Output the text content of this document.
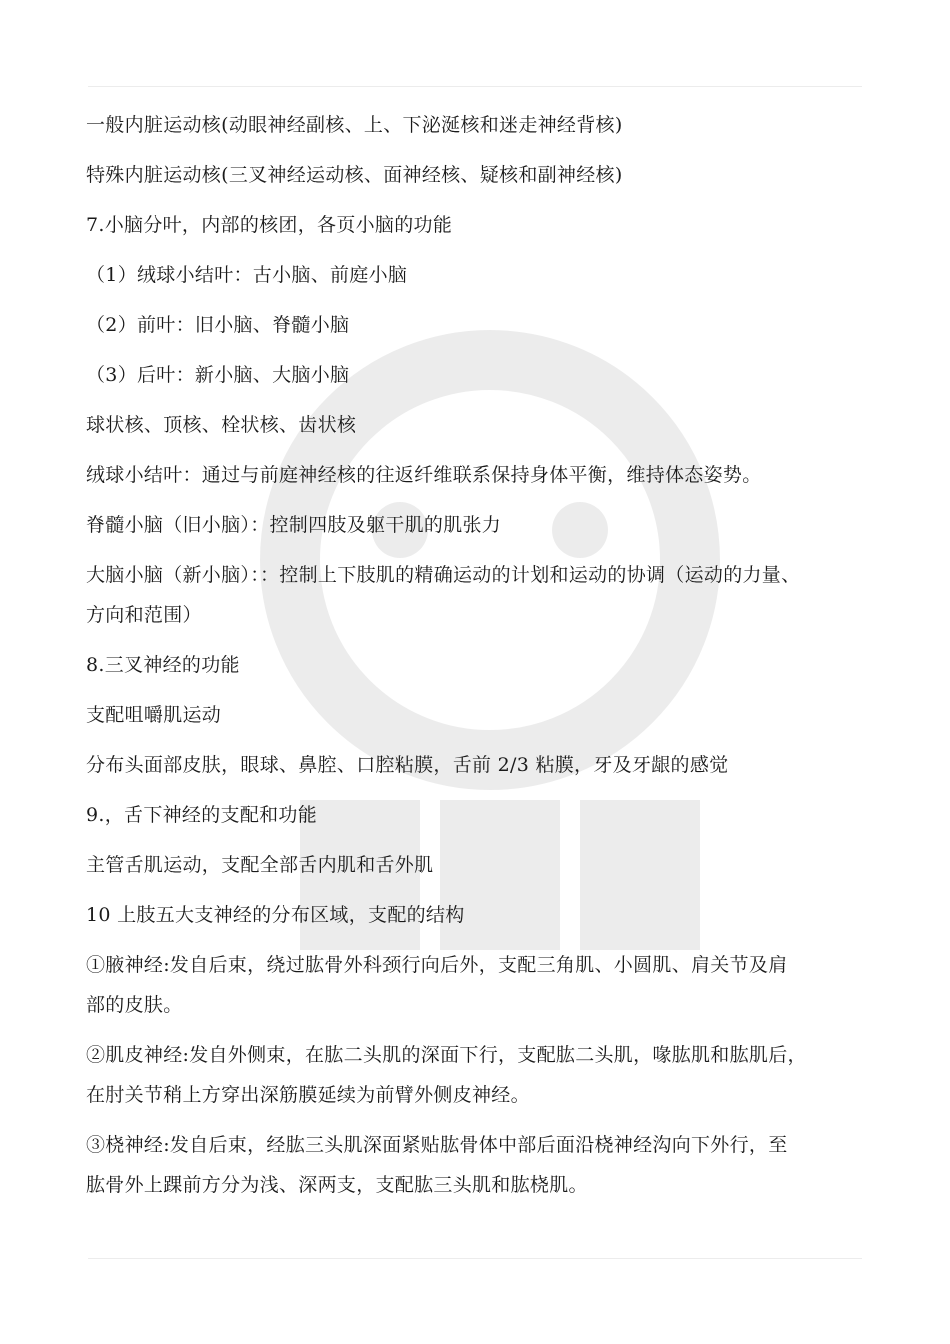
一般内脏运动核(动眼神经副核、上、下泌涎核和迷走神经背核)
特殊内脏运动核(三叉神经运动核、面神经核、疑核和副神经核)
7.小脑分叶，内部的核团，各页小脑的功能
（1）绒球小结叶：古小脑、前庭小脑
（2）前叶：旧小脑、脊髓小脑
（3）后叶：新小脑、大脑小脑
球状核、顶核、栓状核、齿状核
绒球小结叶：通过与前庭神经核的往返纤维联系保持身体平衡，维持体态姿势。
脊髓小脑（旧小脑）：控制四肢及躯干肌的肌张力
大脑小脑（新小脑）：：控制上下肢肌的精确运动的计划和运动的协调（运动的力量、
方向和范围）
8.三叉神经的功能
支配咀嚼肌运动
分布头面部皮肤，眼球、鼻腔、口腔粘膜，舌前 2/3 粘膜，牙及牙龈的感觉
9.，舌下神经的支配和功能
主管舌肌运动，支配全部舌内肌和舌外肌
10 上肢五大支神经的分布区域，支配的结构
①腋神经:发自后束，绕过肱骨外科颈行向后外，支配三角肌、小圆肌、肩关节及肩
部的皮肤。
②肌皮神经:发自外侧束，在肱二头肌的深面下行，支配肱二头肌，喙肱肌和肱肌后，
在肘关节稍上方穿出深筋膜延续为前臂外侧皮神经。
③桡神经:发自后束，经肱三头肌深面紧贴肱骨体中部后面沿桡神经沟向下外行，至
肱骨外上踝前方分为浅、深两支，支配肱三头肌和肱桡肌。
